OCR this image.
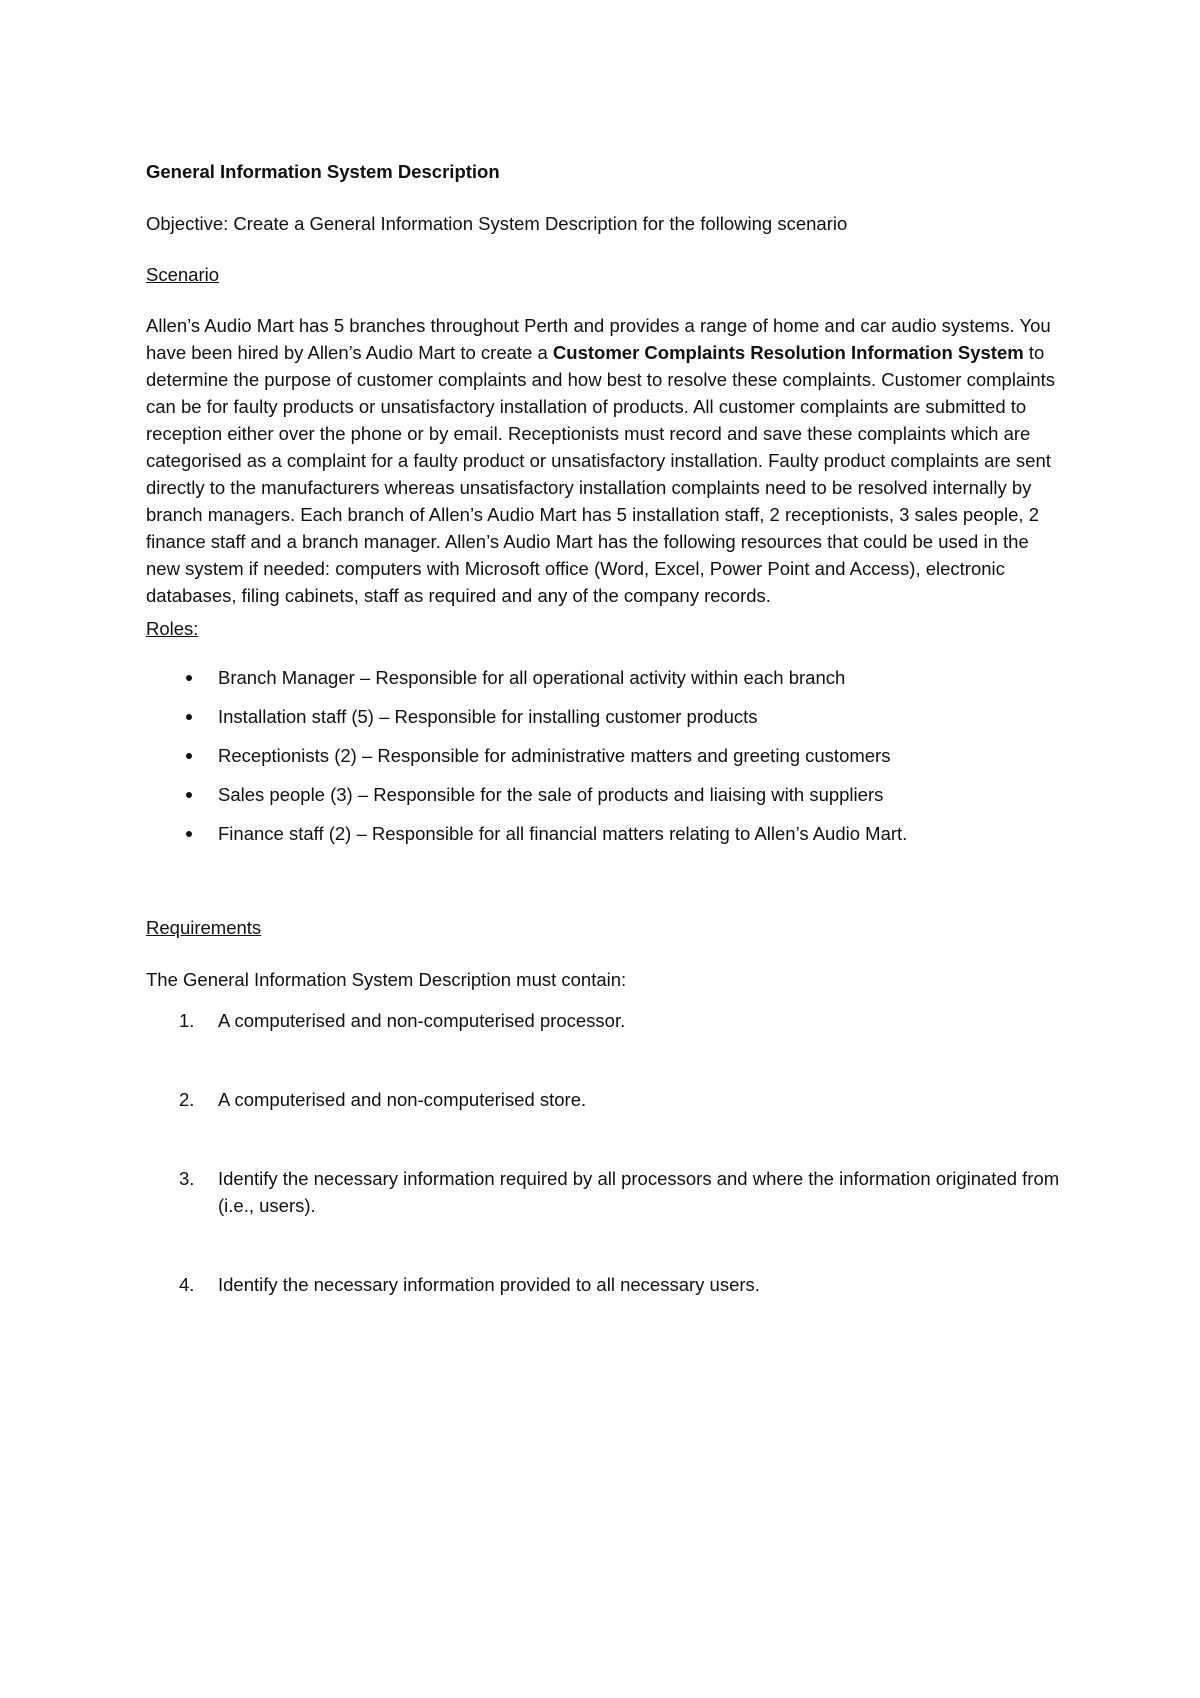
General Information System Description

Objective: Create a General Information System Description for the following scenario

Scenario

Allen’s Audio Mart has 5 branches throughout Perth and provides a range of home and car audio systems. You have been hired by Allen’s Audio Mart to create a Customer Complaints Resolution Information System to determine the purpose of customer complaints and how best to resolve these complaints. Customer complaints can be for faulty products or unsatisfactory installation of products. All customer complaints are submitted to reception either over the phone or by email. Receptionists must record and save these complaints which are categorised as a complaint for a faulty product or unsatisfactory installation. Faulty product complaints are sent directly to the manufacturers whereas unsatisfactory installation complaints need to be resolved internally by branch managers. Each branch of Allen’s Audio Mart has 5 installation staff, 2 receptionists, 3 sales people, 2 finance staff and a branch manager. Allen’s Audio Mart has the following resources that could be used in the new system if needed: computers with Microsoft office (Word, Excel, Power Point and Access), electronic databases, filing cabinets, staff as required and any of the company records.

Roles:

Branch Manager – Responsible for all operational activity within each branch
Installation staff (5) – Responsible for installing customer products
Receptionists (2) – Responsible for administrative matters and greeting customers
Sales people (3) – Responsible for the sale of products and liaising with suppliers
Finance staff (2) – Responsible for all financial matters relating to Allen’s Audio Mart.

Requirements

The General Information System Description must contain:

1. A computerised and non-computerised processor.
2. A computerised and non-computerised store.
3. Identify the necessary information required by all processors and where the information originated from (i.e., users).
4. Identify the necessary information provided to all necessary users.
